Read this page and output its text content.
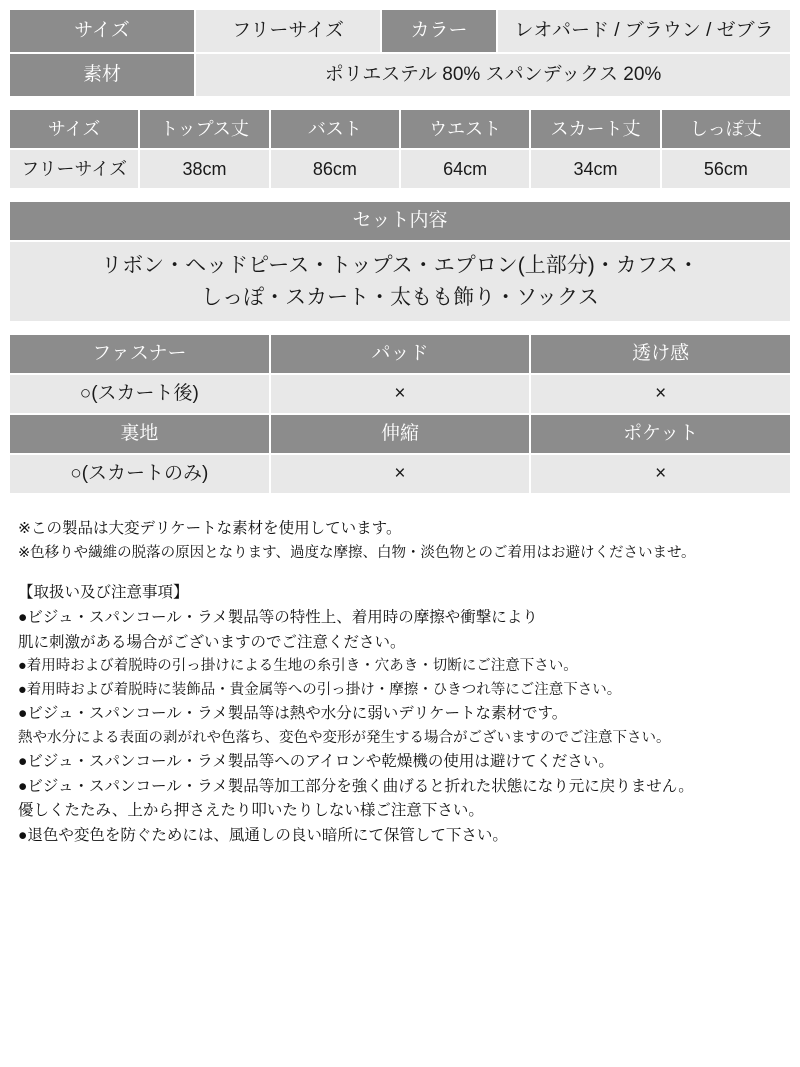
サイズ	フリーサイズ	カラー	レオパード / ブラウン / ゼブラ
素材	ポリエステル 80% スパンデックス 20%		
サイズ	トップス丈	バスト	ウエスト	スカート丈	しっぽ丈
フリーサイズ	38cm	86cm	64cm	34cm	56cm
セット内容

リボン・ヘッドピース・トップス・エプロン(上部分)・カフス・
しっぽ・スカート・太もも飾り・ソックス
ファスナー	パッド	透け感
○(スカート後)	×	×
裏地	伸縮	ポケット
○(スカートのみ)	×	×

※この製品は大変デリケートな素材を使用しています。

※色移りや繊維の脱落の原因となります、過度な摩擦、白物・淡色物とのご着用はお避けくださいませ。

【取扱い及び注意事項】

●ビジュ・スパンコール・ラメ製品等の特性上、着用時の摩擦や衝撃により

肌に刺激がある場合がございますのでご注意ください。

●着用時および着脱時の引っ掛けによる生地の糸引き・穴あき・切断にご注意下さい。

●着用時および着脱時に装飾品・貴金属等への引っ掛け・摩擦・ひきつれ等にご注意下さい。

●ビジュ・スパンコール・ラメ製品等は熱や水分に弱いデリケートな素材です。

熱や水分による表面の剥がれや色落ち、変色や変形が発生する場合がございますのでご注意下さい。

●ビジュ・スパンコール・ラメ製品等へのアイロンや乾燥機の使用は避けてください。

●ビジュ・スパンコール・ラメ製品等加工部分を強く曲げると折れた状態になり元に戻りません。

優しくたたみ、上から押さえたり叩いたりしない様ご注意下さい。

●退色や変色を防ぐためには、風通しの良い暗所にて保管して下さい。
